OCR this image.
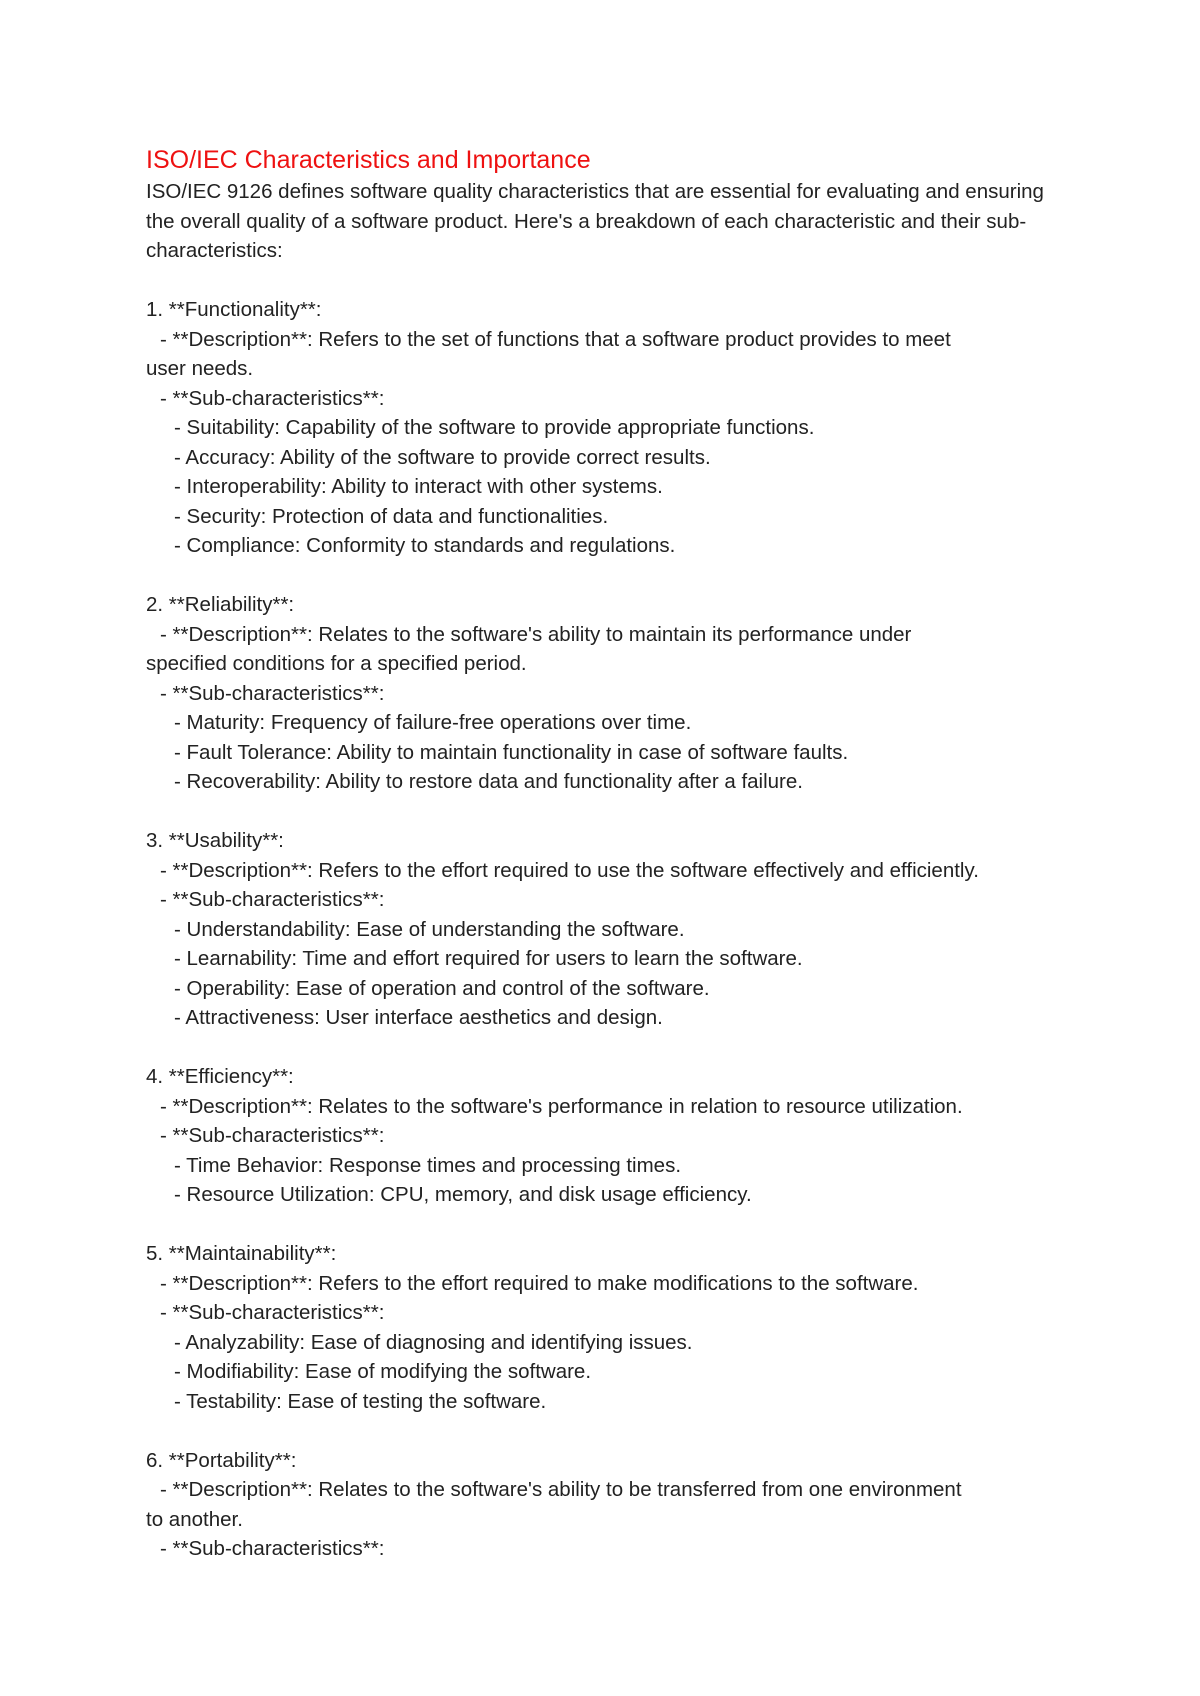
ISO/IEC Characteristics and Importance

ISO/IEC 9126 defines software quality characteristics that are essential for evaluating and ensuring the overall quality of a software product. Here's a breakdown of each characteristic and their sub-characteristics:

1. **Functionality**:

- **Description**: Refers to the set of functions that a software product provides to meet

user needs.

- **Sub-characteristics**:

- Suitability: Capability of the software to provide appropriate functions.

- Accuracy: Ability of the software to provide correct results.

- Interoperability: Ability to interact with other systems.

- Security: Protection of data and functionalities.

- Compliance: Conformity to standards and regulations.

2. **Reliability**:

- **Description**: Relates to the software's ability to maintain its performance under

specified conditions for a specified period.

- **Sub-characteristics**:

- Maturity: Frequency of failure-free operations over time.

- Fault Tolerance: Ability to maintain functionality in case of software faults.

- Recoverability: Ability to restore data and functionality after a failure.

3. **Usability**:

- **Description**: Refers to the effort required to use the software effectively and efficiently.

- **Sub-characteristics**:

- Understandability: Ease of understanding the software.

- Learnability: Time and effort required for users to learn the software.

- Operability: Ease of operation and control of the software.

- Attractiveness: User interface aesthetics and design.

4. **Efficiency**:

- **Description**: Relates to the software's performance in relation to resource utilization.

- **Sub-characteristics**:

- Time Behavior: Response times and processing times.

- Resource Utilization: CPU, memory, and disk usage efficiency.

5. **Maintainability**:

- **Description**: Refers to the effort required to make modifications to the software.

- **Sub-characteristics**:

- Analyzability: Ease of diagnosing and identifying issues.

- Modifiability: Ease of modifying the software.

- Testability: Ease of testing the software.

6. **Portability**:

- **Description**: Relates to the software's ability to be transferred from one environment

to another.

- **Sub-characteristics**:
